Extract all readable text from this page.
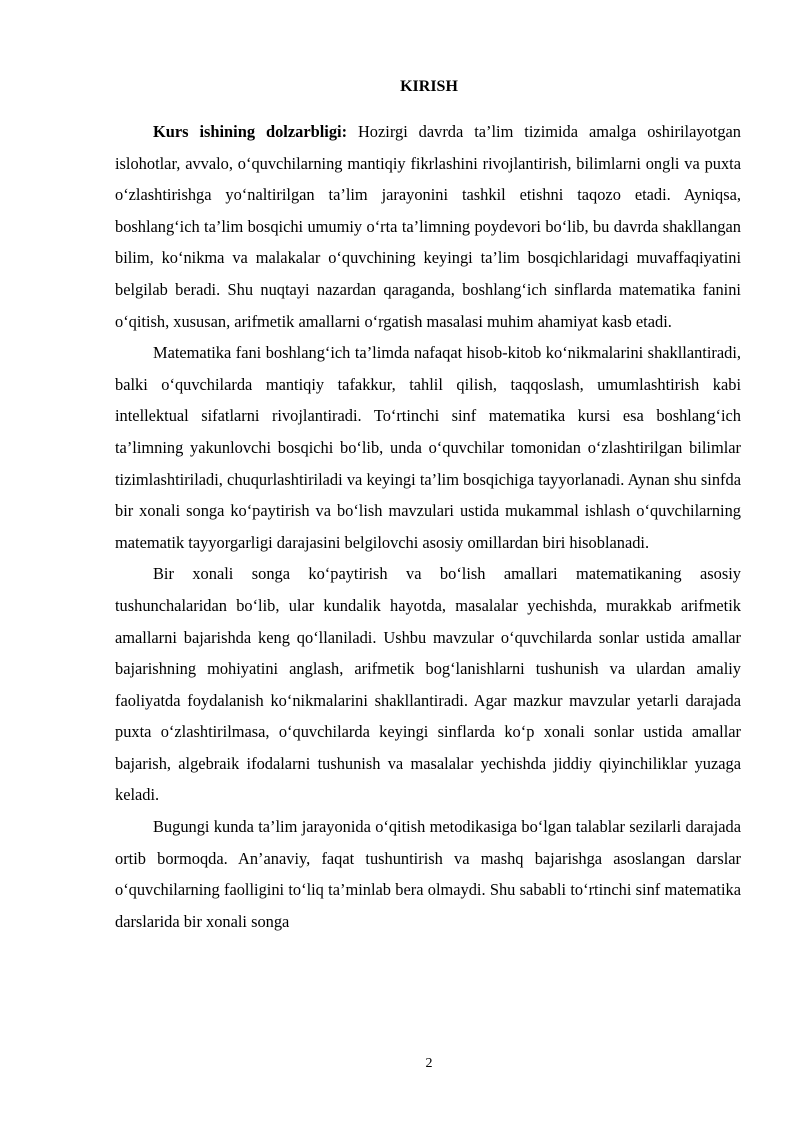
KIRISH

Kurs ishining dolzarbligi: Hozirgi davrda ta’lim tizimida amalga oshirilayotgan islohotlar, avvalo, o‘quvchilarning mantiqiy fikrlashini rivojlantirish, bilimlarni ongli va puxta o‘zlashtirishga yo‘naltirilgan ta’lim jarayonini tashkil etishni taqozo etadi. Ayniqsa, boshlang‘ich ta’lim bosqichi umumiy o‘rta ta’limning poydevori bo‘lib, bu davrda shakllangan bilim, ko‘nikma va malakalar o‘quvchining keyingi ta’lim bosqichlaridagi muvaffaqiyatini belgilab beradi. Shu nuqtayi nazardan qaraganda, boshlang‘ich sinflarda matematika fanini o‘qitish, xususan, arifmetik amallarni o‘rgatish masalasi muhim ahamiyat kasb etadi.

Matematika fani boshlang‘ich ta’limda nafaqat hisob-kitob ko‘nikmalarini shakllantiradi, balki o‘quvchilarda mantiqiy tafakkur, tahlil qilish, taqqoslash, umumlashtirish kabi intellektual sifatlarni rivojlantiradi. To‘rtinchi sinf matematika kursi esa boshlang‘ich ta’limning yakunlovchi bosqichi bo‘lib, unda o‘quvchilar tomonidan o‘zlashtirilgan bilimlar tizimlashtiriladi, chuqurlashtiriladi va keyingi ta’lim bosqichiga tayyorlanadi. Aynan shu sinfda bir xonali songa ko‘paytirish va bo‘lish mavzulari ustida mukammal ishlash o‘quvchilarning matematik tayyorgarligi darajasini belgilovchi asosiy omillardan biri hisoblanadi.

Bir xonali songa ko‘paytirish va bo‘lish amallari matematikaning asosiy tushunchalaridan bo‘lib, ular kundalik hayotda, masalalar yechishda, murakkab arifmetik amallarni bajarishda keng qo‘llaniladi. Ushbu mavzular o‘quvchilarda sonlar ustida amallar bajarishning mohiyatini anglash, arifmetik bog‘lanishlarni tushunish va ulardan amaliy faoliyatda foydalanish ko‘nikmalarini shakllantiradi. Agar mazkur mavzular yetarli darajada puxta o‘zlashtirilmasa, o‘quvchilarda keyingi sinflarda ko‘p xonali sonlar ustida amallar bajarish, algebraik ifodalarni tushunish va masalalar yechishda jiddiy qiyinchiliklar yuzaga keladi.

Bugungi kunda ta’lim jarayonida o‘qitish metodikasiga bo‘lgan talablar sezilarli darajada ortib bormoqda. An’anaviy, faqat tushuntirish va mashq bajarishga asoslangan darslar o‘quvchilarning faolligini to‘liq ta’minlab bera olmaydi. Shu sababli to‘rtinchi sinf matematika darslarida bir xonali songa

2
